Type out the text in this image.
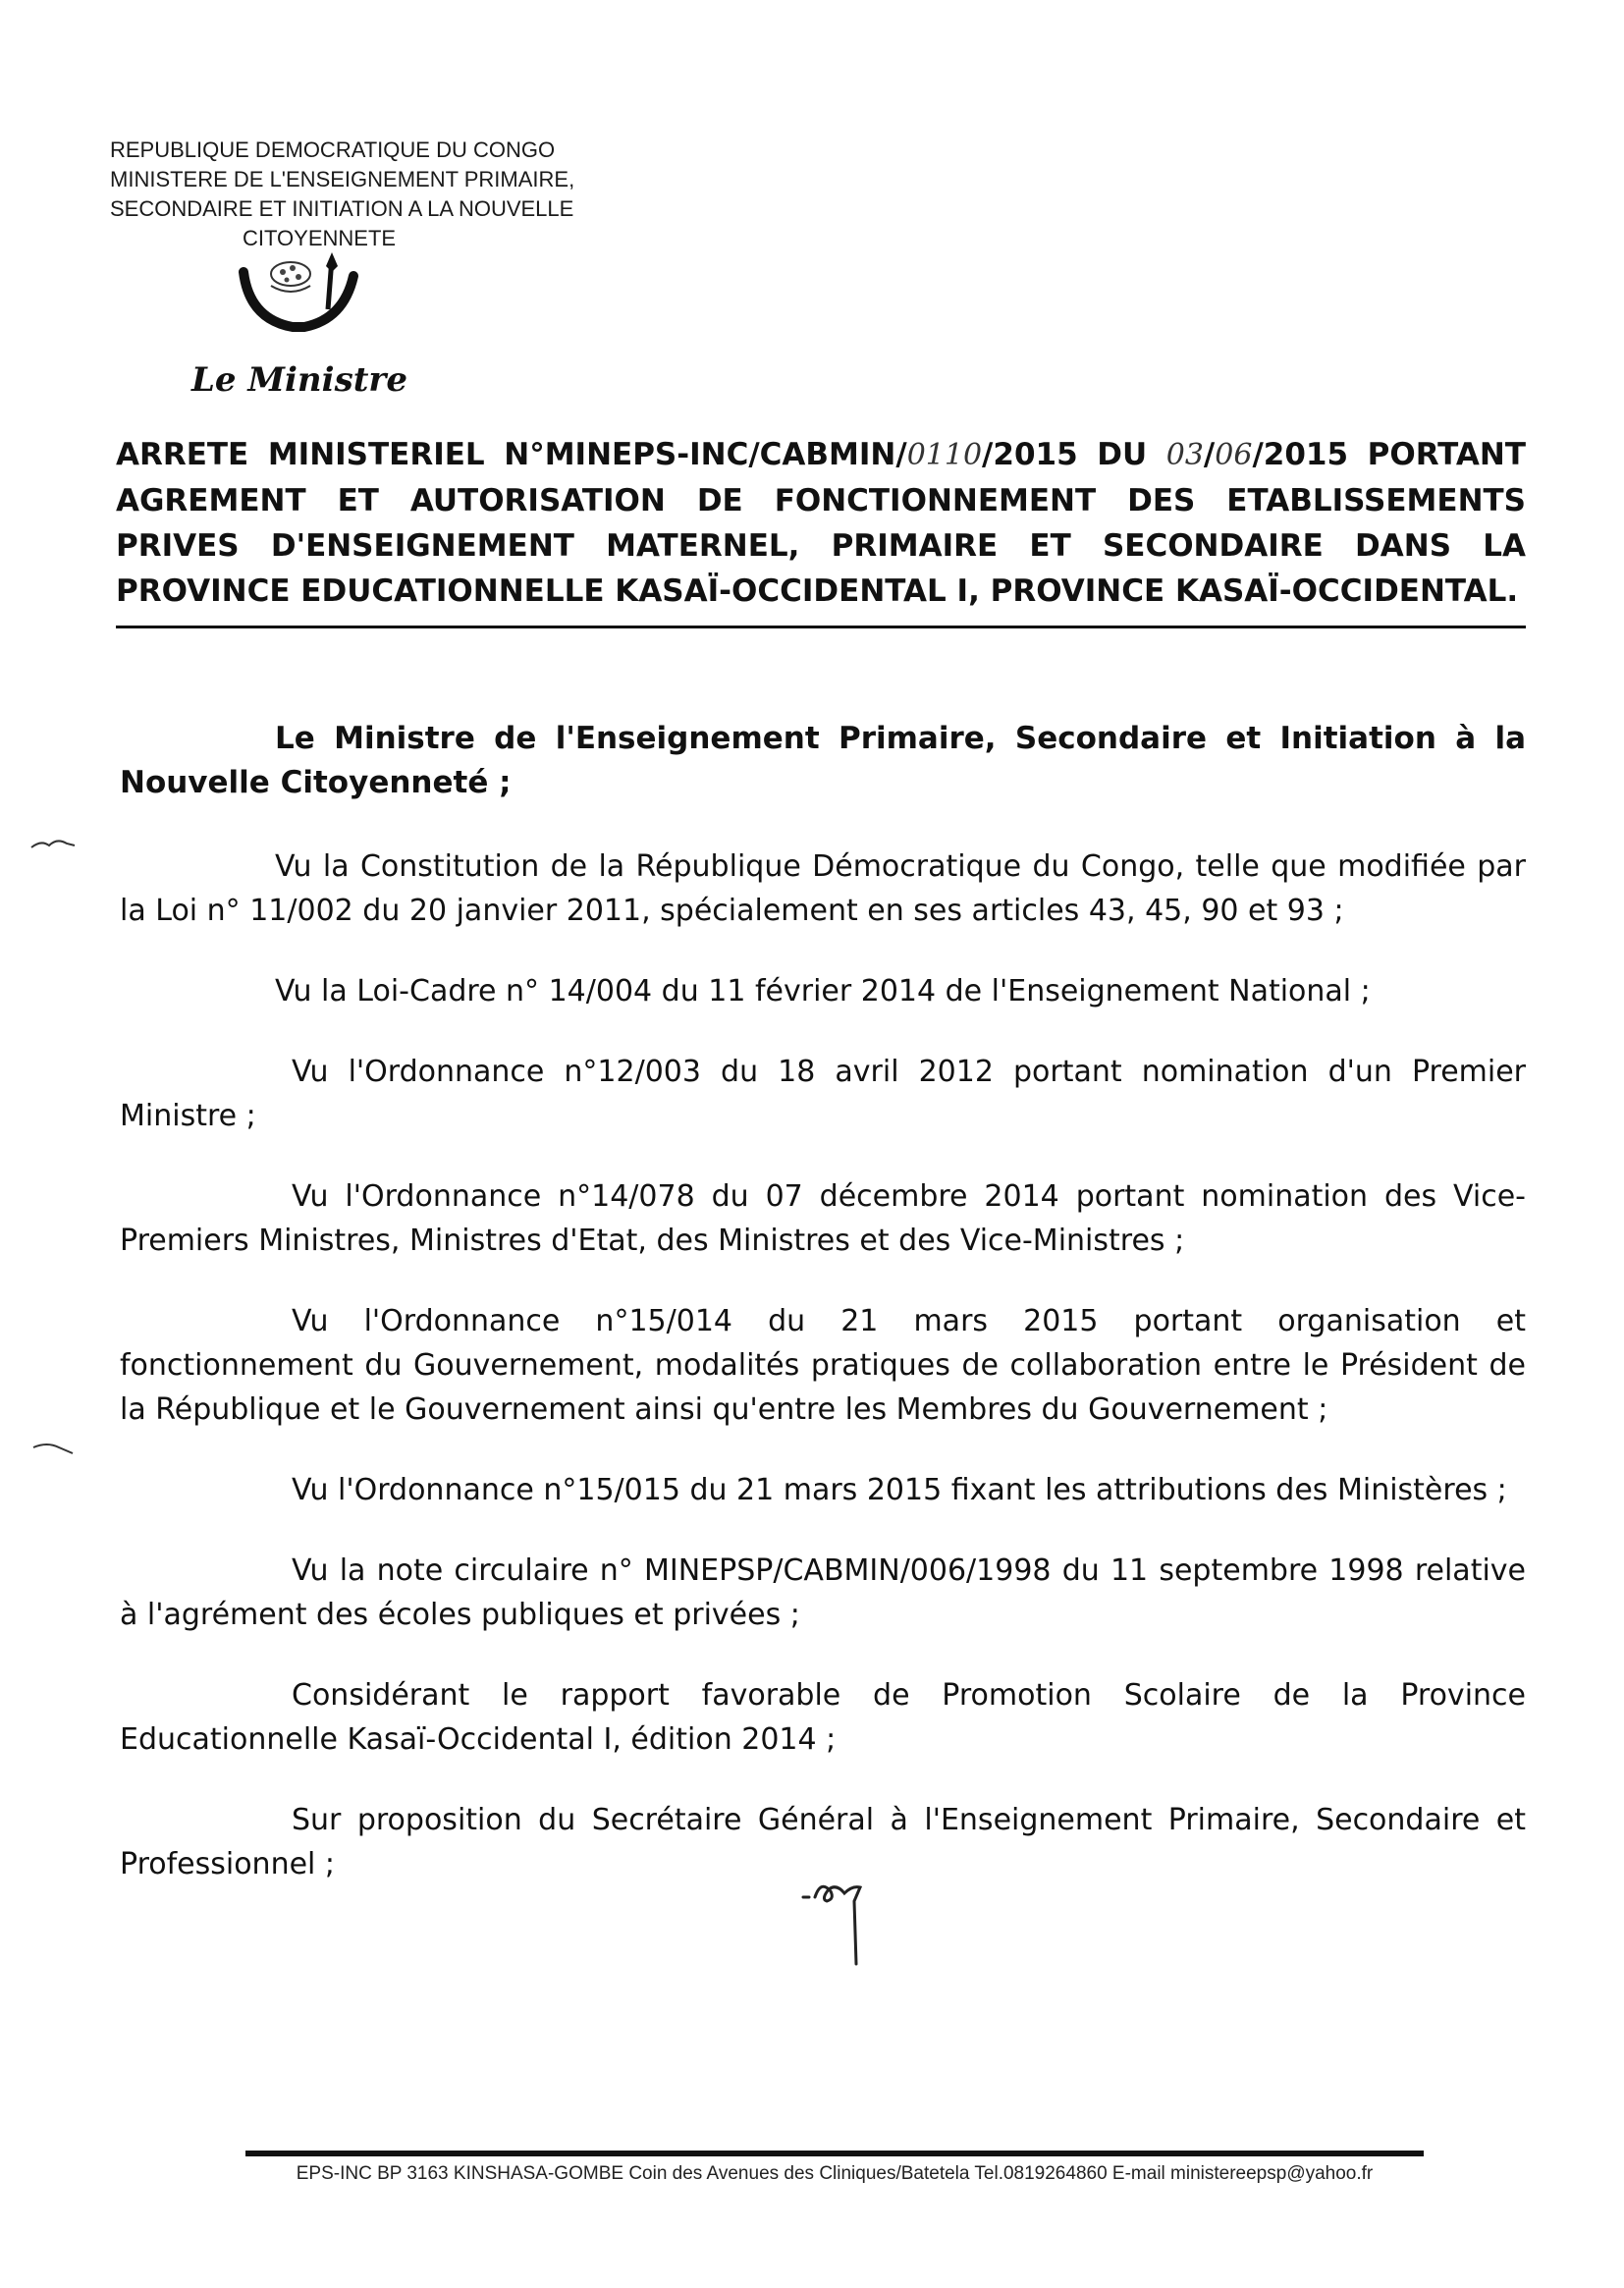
REPUBLIQUE DEMOCRATIQUE DU CONGO
MINISTERE DE L'ENSEIGNEMENT PRIMAIRE,
SECONDAIRE ET INITIATION A LA NOUVELLE
CITOYENNETE
Le Ministre
ARRETE MINISTERIEL N°MINEPS-INC/CABMIN/0110/2015 DU 03/06/2015 PORTANT AGREMENT ET AUTORISATION DE FONCTIONNEMENT DES ETABLISSEMENTS PRIVES D'ENSEIGNEMENT MATERNEL, PRIMAIRE ET SECONDAIRE DANS LA PROVINCE EDUCATIONNELLE KASAÏ-OCCIDENTAL I, PROVINCE KASAÏ-OCCIDENTAL.

Le Ministre de l'Enseignement Primaire, Secondaire et Initiation à la Nouvelle Citoyenneté ;

Vu la Constitution de la République Démocratique du Congo, telle que modifiée par la Loi n° 11/002 du 20 janvier 2011, spécialement en ses articles 43, 45, 90 et 93 ;

Vu la Loi-Cadre n° 14/004 du 11 février 2014 de l'Enseignement National ;

Vu l'Ordonnance n°12/003 du 18 avril 2012 portant nomination d'un Premier Ministre ;

Vu l'Ordonnance n°14/078 du 07 décembre 2014 portant nomination des Vice-Premiers Ministres, Ministres d'Etat, des Ministres et des Vice-Ministres ;

Vu l'Ordonnance n°15/014 du 21 mars 2015 portant organisation et fonctionnement du Gouvernement, modalités pratiques de collaboration entre le Président de la République et le Gouvernement ainsi qu'entre les Membres du Gouvernement ;

Vu l'Ordonnance n°15/015 du 21 mars 2015 fixant les attributions des Ministères ;

Vu la note circulaire n° MINEPSP/CABMIN/006/1998 du 11 septembre 1998 relative à l'agrément des écoles publiques et privées ;

Considérant le rapport favorable de Promotion Scolaire de la Province Educationnelle Kasaï-Occidental I, édition 2014 ;

Sur proposition du Secrétaire Général à l'Enseignement Primaire, Secondaire et Professionnel ;

EPS-INC BP 3163 KINSHASA-GOMBE Coin des Avenues des Cliniques/Batetela Tel.0819264860 E-mail ministereepsp@yahoo.fr
